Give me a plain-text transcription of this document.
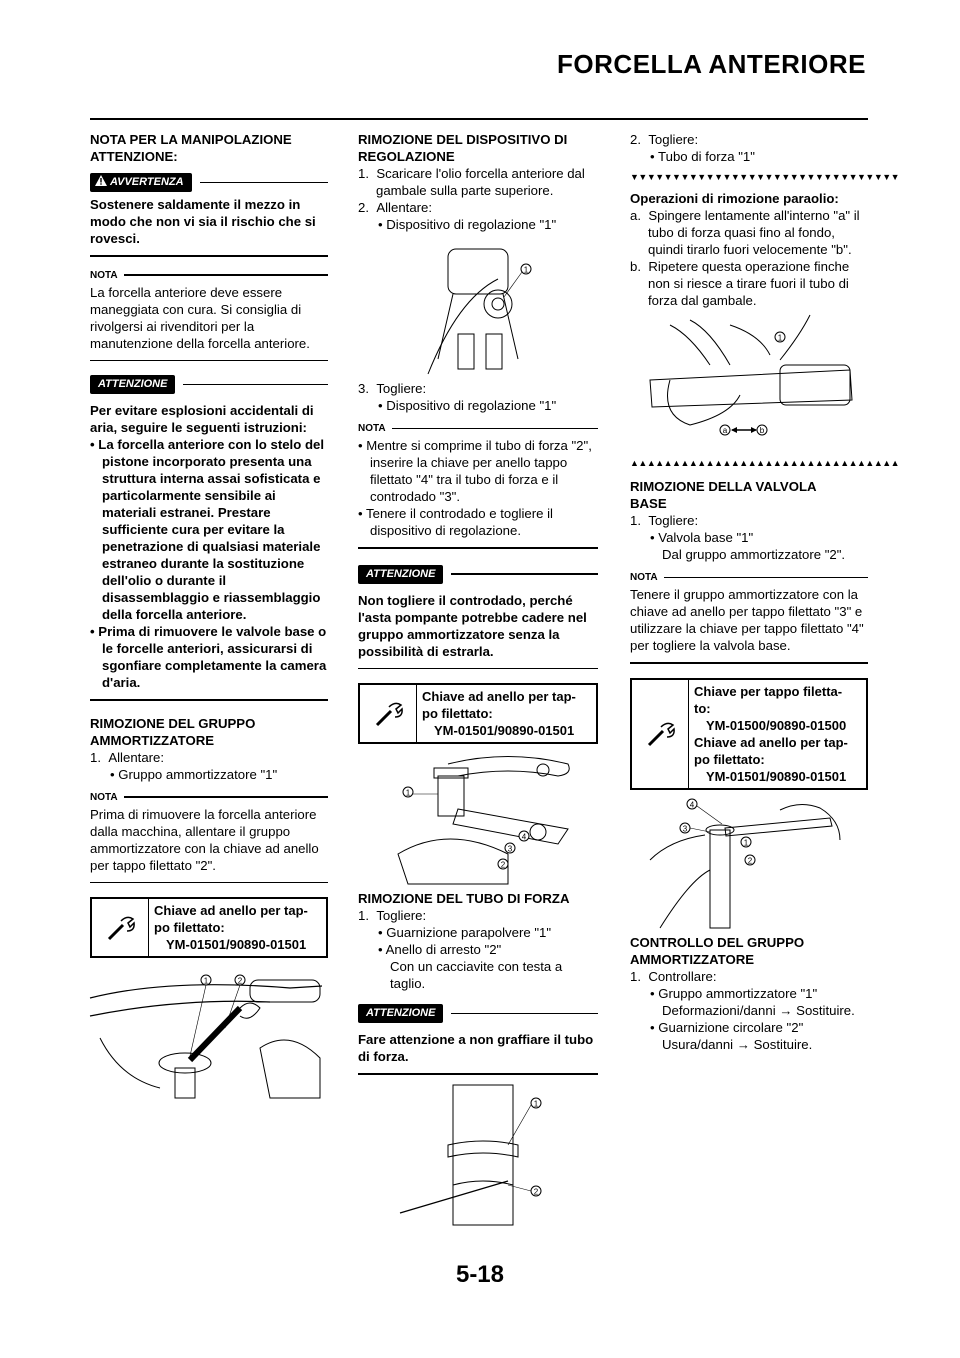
FORCELLA ANTERIORE

NOTA PER LA MANIPOLAZIONE

ATTENZIONE:

AVVERTENZA

Sostenere saldamente il mezzo in modo che non vi sia il rischio che si rovesci.

NOTA

La forcella anteriore deve essere maneggiata con cura. Si consiglia di rivolgersi ai rivenditori per la manutenzione della forcella anteriore.

ATTENZIONE

Per evitare esplosioni accidentali di aria, seguire le seguenti istruzioni:

• La forcella anteriore con lo stelo del pistone incorporato presenta una struttura interna assai sofisticata e particolarmente sensibile ai materiali estranei. Prestare sufficiente cura per evitare la penetrazione di qualsiasi materiale estraneo durante la sostituzione dell'olio o durante il disassemblaggio e riassemblaggio della forcella anteriore.

• Prima di rimuovere le valvole base o le forcelle anteriori, assicurarsi di sgonfiare completamente la camera d'aria.

RIMOZIONE DEL GRUPPO

AMMORTIZZATORE

1. Allentare:

• Gruppo ammortizzatore "1"

NOTA

Prima di rimuovere la forcella anteriore dalla macchina, allentare il gruppo ammortizzatore con la chiave ad anello per tappo filettato "2".

Chiave ad anello per tap-
po filettato:
YM-01501/90890-01501
1	2

RIMOZIONE DEL DISPOSITIVO DI

REGOLAZIONE

1. Scaricare l'olio forcella anteriore dal gambale sulla parte superiore.

2. Allentare:

• Dispositivo di regolazione "1"

1

3. Togliere:

• Dispositivo di regolazione "1"

NOTA

• Mentre si comprime il tubo di forza "2", inserire la chiave per anello tappo filettato "4" tra il tubo di forza e il controdado "3".

• Tenere il controdado e togliere il dispositivo di regolazione.

ATTENZIONE

Non togliere il controdado, perché l'asta pompante potrebbe cadere nel gruppo ammortizzatore senza la possibilità di estrarla.

Chiave ad anello per tap-
po filettato:
YM-01501/90890-01501
1
2
3
4

RIMOZIONE DEL TUBO DI FORZA

1. Togliere:

• Guarnizione parapolvere "1"

• Anello di arresto "2"

Con un cacciavite con testa a taglio.

ATTENZIONE

Fare attenzione a non graffiare il tubo di forza.

1
2

2. Togliere:

• Tubo di forza "1"

▼▼▼▼▼▼▼▼▼▼▼▼▼▼▼▼▼▼▼▼▼▼▼▼▼▼▼▼▼▼▼▼

Operazioni di rimozione paraolio:

a. Spingere lentamente all'interno "a" il tubo di forza quasi fino al fondo, quindi tirarlo fuori velocemente "b".

b. Ripetere questa operazione finche non si riesce a tirare fuori il tubo di forza dal gambale.

1
a	b
▲▲▲▲▲▲▲▲▲▲▲▲▲▲▲▲▲▲▲▲▲▲▲▲▲▲▲▲▲▲▲▲

RIMOZIONE DELLA VALVOLA

BASE

1. Togliere:

• Valvola base "1"

Dal gruppo ammortizzatore "2".

NOTA

Tenere il gruppo ammortizzatore con la chiave ad anello per tappo filettato "3" e utilizzare la chiave per tappo filettato "4" per togliere la valvola base.

Chiave per tappo filetta-
to:
YM-01500/90890-01500
Chiave ad anello per tap-
po filettato:
YM-01501/90890-01501
4
3
1
2

CONTROLLO DEL GRUPPO

AMMORTIZZATORE

1. Controllare:

• Gruppo ammortizzatore "1"

Deformazioni/danni → Sostituire.

• Guarnizione circolare "2"

Usura/danni → Sostituire.

5-18
